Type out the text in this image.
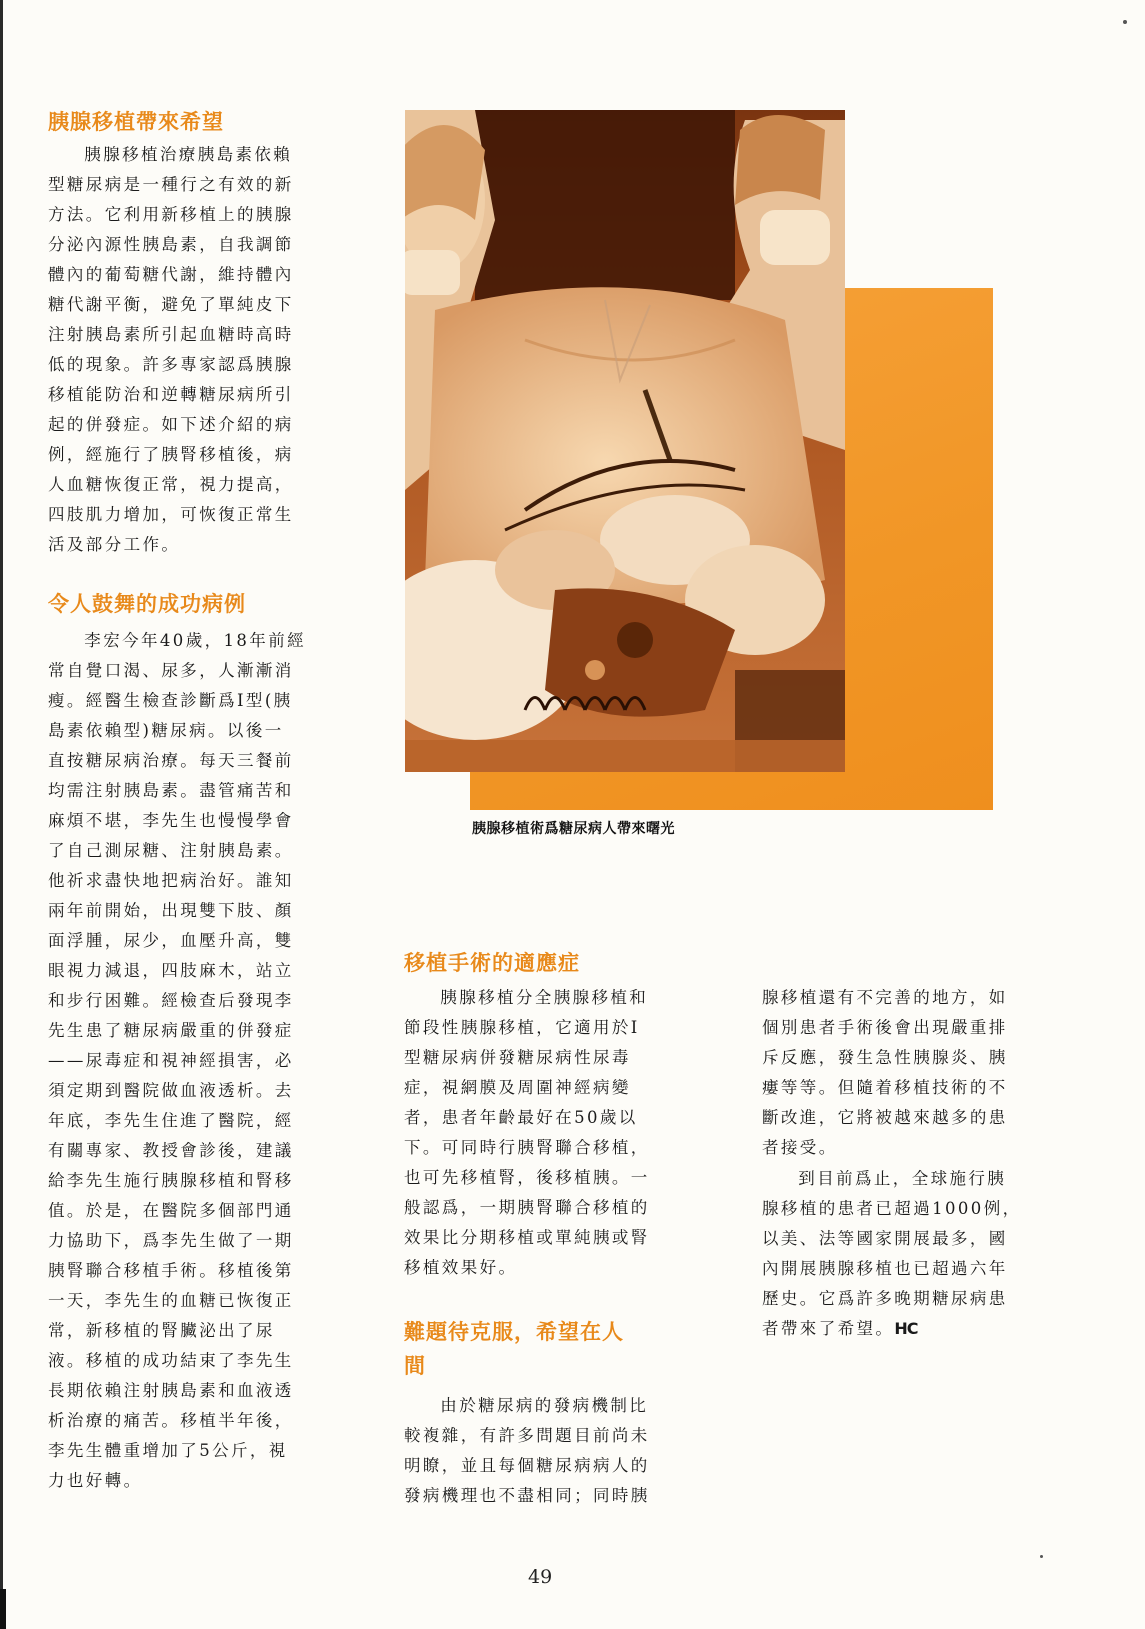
胰腺移植帶來希望
胰腺移植治療胰島素依賴
型糖尿病是一種行之有效的新
方法。它利用新移植上的胰腺
分泌內源性胰島素，自我調節
體內的葡萄糖代謝，維持體內
糖代謝平衡，避免了單純皮下
注射胰島素所引起血糖時高時
低的現象。許多專家認爲胰腺
移植能防治和逆轉糖尿病所引
起的併發症。如下述介紹的病
例，經施行了胰腎移植後，病
人血糖恢復正常，視力提高，
四肢肌力增加，可恢復正常生
活及部分工作。
令人鼓舞的成功病例
李宏今年40歲，18年前經
常自覺口渴、尿多，人漸漸消
瘦。經醫生檢查診斷爲I型(胰
島素依賴型)糖尿病。以後一
直按糖尿病治療。每天三餐前
均需注射胰島素。盡管痛苦和
麻煩不堪，李先生也慢慢學會
了自己測尿糖、注射胰島素。
他祈求盡快地把病治好。誰知
兩年前開始，出現雙下肢、顏
面浮腫，尿少，血壓升高，雙
眼視力減退，四肢麻木，站立
和步行困難。經檢查后發現李
先生患了糖尿病嚴重的併發症
——尿毒症和視神經損害，必
須定期到醫院做血液透析。去
年底，李先生住進了醫院，經
有關專家、教授會診後，建議
給李先生施行胰腺移植和腎移
值。於是，在醫院多個部門通
力協助下，爲李先生做了一期
胰腎聯合移植手術。移植後第
一天，李先生的血糖已恢復正
常，新移植的腎臟泌出了尿
液。移植的成功結束了李先生
長期依賴注射胰島素和血液透
析治療的痛苦。移植半年後，
李先生體重增加了5公斤，視
力也好轉。
胰腺移植術爲糖尿病人帶來曙光
移植手術的適應症
胰腺移植分全胰腺移植和
節段性胰腺移植，它適用於I
型糖尿病併發糖尿病性尿毒
症，視網膜及周圍神經病變
者，患者年齡最好在50歲以
下。可同時行胰腎聯合移植，
也可先移植腎，後移植胰。一
般認爲，一期胰腎聯合移植的
效果比分期移植或單純胰或腎
移植效果好。
難題待克服，希望在人
間
由於糖尿病的發病機制比
較複雜，有許多問題目前尚未
明瞭，並且每個糖尿病病人的
發病機理也不盡相同；同時胰
腺移植還有不完善的地方，如
個別患者手術後會出現嚴重排
斥反應，發生急性胰腺炎、胰
瘻等等。但隨着移植技術的不
斷改進，它將被越來越多的患
者接受。
到目前爲止，全球施行胰
腺移植的患者已超過1000例，
以美、法等國家開展最多，國
內開展胰腺移植也已超過六年
歷史。它爲許多晚期糖尿病患
者帶來了希望。HC
49
